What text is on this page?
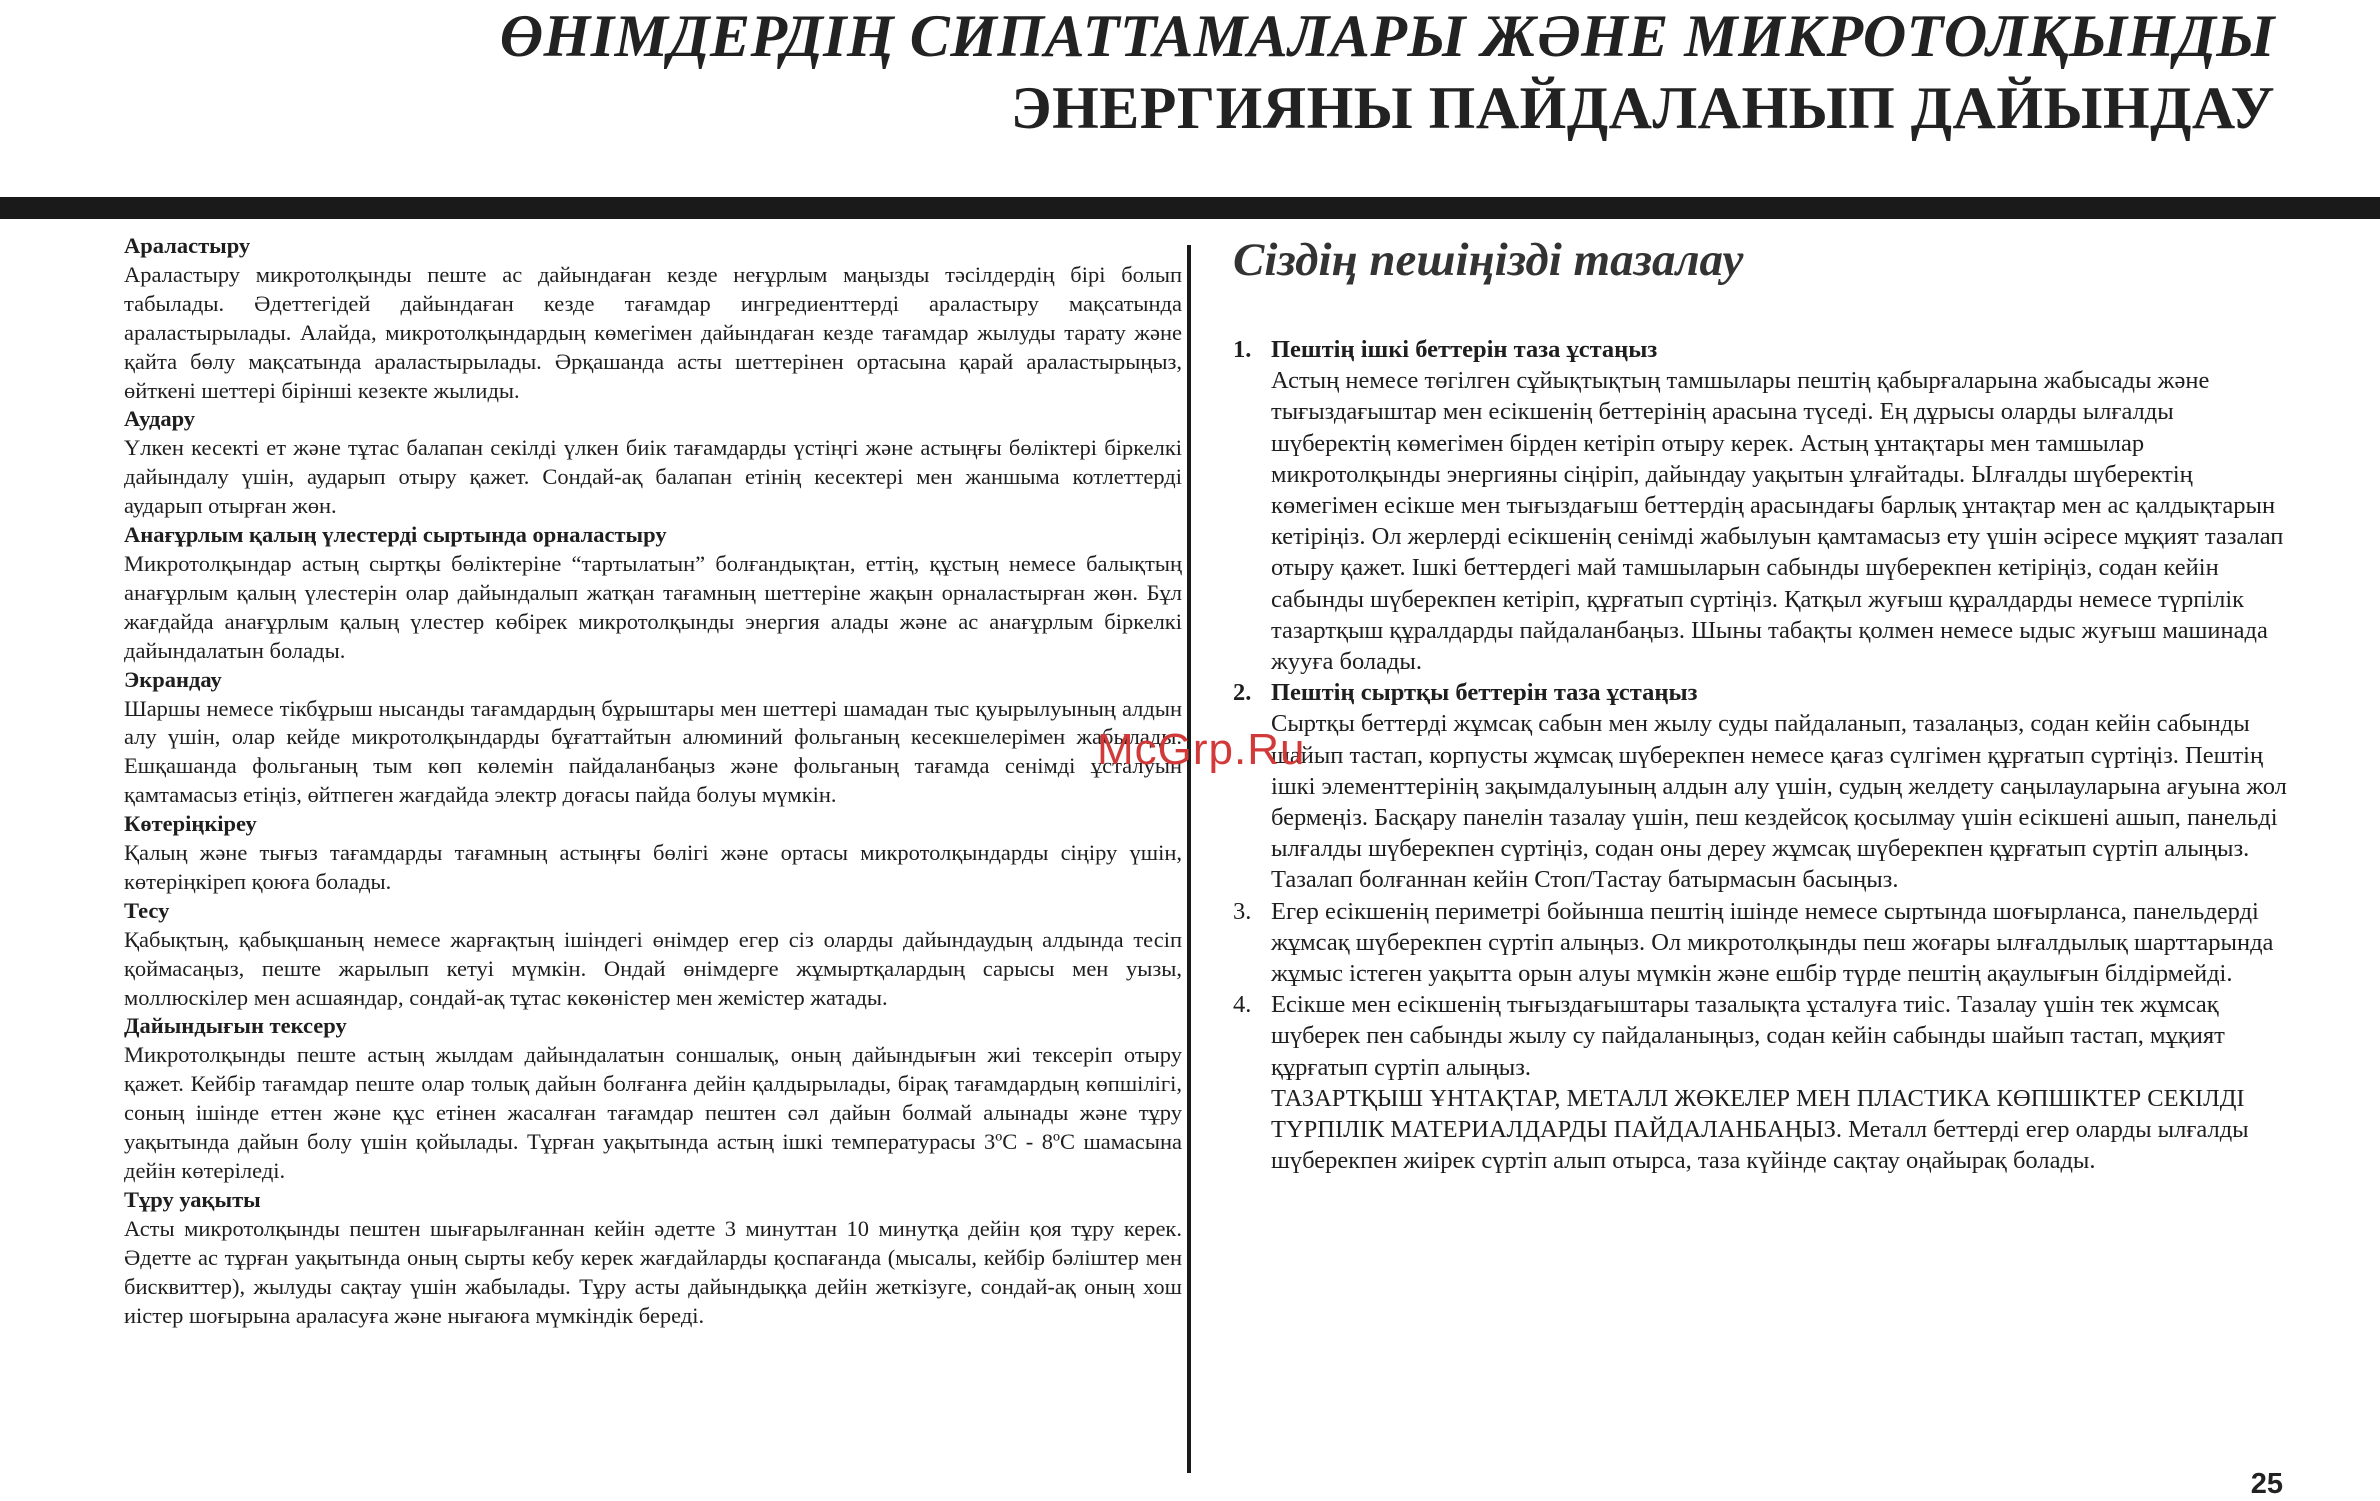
ӨНІМДЕРДІҢ СИПАТТАМАЛАРЫ ЖӘНЕ МИКРОТОЛҚЫНДЫ
ЭНЕРГИЯНЫ ПАЙДАЛАНЫП ДАЙЫНДАУ
Араластыру

Араластыру микротолқынды пеште ас дайындаған кезде неғұрлым маңызды тәсілдердің бірі болып табылады. Әдеттегідей дайындаған кезде тағамдар ингредиенттерді араластыру мақсатында араластырылады. Алайда, микротолқындардың көмегімен дайындаған кезде тағамдар жылуды тарату және қайта бөлу мақсатында араластырылады. Әрқашанда асты шеттерінен ортасына қарай араластырыңыз, өйткені шеттері бірінші кезекте жылиды.

Аудару

Үлкен кесекті ет және тұтас балапан секілді үлкен биік тағамдарды үстіңгі және астыңғы бөліктері біркелкі дайындалу үшін, аударып отыру қажет. Сондай-ақ балапан етінің кесектері мен жаншыма котлеттерді аударып отырған жөн.

Анағұрлым қалың үлестерді сыртында орналастыру

Микротолқындар астың сыртқы бөліктеріне “тартылатын” болғандықтан, еттің, құстың немесе балықтың анағұрлым қалың үлестерін олар дайындалып жатқан тағамның шеттеріне жақын орналастырған жөн. Бұл жағдайда анағұрлым қалың үлестер көбірек микротолқынды энергия алады және ас анағұрлым біркелкі дайындалатын болады.

Экрандау

Шаршы немесе тікбұрыш нысанды тағамдардың бұрыштары мен шеттері шамадан тыс қуырылуының алдын алу үшін, олар кейде микротолқындарды бұғаттайтын алюминий фольганың кесекшелерімен жабылады. Ешқашанда фольганың тым көп көлемін пайдаланбаңыз және фольганың тағамда сенімді ұсталуын қамтамасыз етіңіз, өйтпеген жағдайда электр доғасы пайда болуы мүмкін.

Көтерiңкiреу

Қалың және тығыз тағамдарды тағамның астыңғы бөлігі және ортасы микротолқындарды сіңіру үшін, көтеріңкіреп қоюға болады.

Тесу

Қабықтың, қабықшаның немесе жарғақтың ішіндегі өнімдер егер сіз оларды дайындаудың алдында тесіп қоймасаңыз, пеште жарылып кетуі мүмкін. Ондай өнімдерге жұмыртқалардың сарысы мен уызы, моллюскілер мен асшаяндар, сондай-ақ тұтас көкөністер мен жемістер жатады.

Дайындығын тексеру

Микротолқынды пеште астың жылдам дайындалатын соншалық, оның дайындығын жиі тексеріп отыру қажет. Кейбір тағамдар пеште олар толық дайын болғанға дейін қалдырылады, бірақ тағамдардың көпшілігі, соның ішінде еттен және құс етінен жасалған тағамдар пештен сәл дайын болмай алынады және тұру уақытында дайын болу үшін қойылады. Тұрған уақытында астың ішкі температурасы 3ºC - 8ºC шамасына дейін көтеріледі.

Тұру уақыты

Асты микротолқынды пештен шығарылғаннан кейін әдетте 3 минуттан 10 минутқа дейін қоя тұру керек. Әдетте ас тұрған уақытында оның сырты кебу керек жағдайларды қоспағанда (мысалы, кейбір бәліштер мен бисквиттер), жылуды сақтау үшін жабылады. Тұру асты дайындыққа дейін жеткізуге, сондай-ақ оның хош иістер шоғырына араласуға және нығаюға мүмкіндік береді.

Сіздің пешіңізді тазалау
1. Пештің ішкі беттерін таза ұстаңыз

Астың немесе төгілген сұйықтықтың тамшылары пештің қабырғаларына жабысады және тығыздағыштар мен есікшенің беттерінің арасына түседі. Ең дұрысы оларды ылғалды шүберектің көмегімен бірден кетіріп отыру керек. Астың ұнтақтары мен тамшылар микротолқынды энергияны сіңіріп, дайындау уақытын ұлғайтады. Ылғалды шүберектің көмегімен есікше мен тығыздағыш беттердің арасындағы барлық ұнтақтар мен ас қалдықтарын кетіріңіз. Ол жерлерді есікшенің сенімді жабылуын қамтамасыз ету үшін әсіресе мұқият тазалап отыру қажет. Ішкі беттердегі май тамшыларын сабынды шүберекпен кетіріңіз, содан кейін сабынды шүберекпен кетіріп, құрғатып сүртіңіз. Қатқыл жуғыш құралдарды немесе түрпілік тазартқыш құралдарды пайдаланбаңыз. Шыны табақты қолмен немесе ыдыс жуғыш машинада жууға болады.

2. Пештің сыртқы беттерін таза ұстаңыз

Сыртқы беттерді жұмсақ сабын мен жылу суды пайдаланып, тазалаңыз, содан кейін сабынды шайып тастап, корпусты жұмсақ шүберекпен немесе қағаз сүлгімен құрғатып сүртіңіз. Пештің ішкі элементтерінің зақымдалуының алдын алу үшін, судың желдету саңылауларына ағуына жол бермеңіз. Басқару панелін тазалау үшін, пеш кездейсоқ қосылмау үшін есікшені ашып, панельді ылғалды шүберекпен сүртіңіз, содан оны дереу жұмсақ шүберекпен құрғатып сүртіп алыңыз. Тазалап болғаннан кейін Стоп/Тастау батырмасын басыңыз.

3. Егер есікшенің периметрі бойынша пештің ішінде немесе сыртында шоғырланса, панельдерді жұмсақ шүберекпен сүртіп алыңыз. Ол микротолқынды пеш жоғары ылғалдылық шарттарында жұмыс істеген уақытта орын алуы мүмкін және ешбір түрде пештің ақаулығын білдірмейді.

4. Есікше мен есікшенің тығыздағыштары тазалықта ұсталуға тиіс. Тазалау үшін тек жұмсақ шүберек пен сабынды жылу су пайдаланыңыз, содан кейін сабынды шайып тастап, мұқият құрғатып сүртіп алыңыз.

ТАЗАРТҚЫШ ҰНТАҚТАР, МЕТАЛЛ ЖӨКЕЛЕР МЕН ПЛАСТИКА КӨПШІКТЕР СЕКІЛДІ ТҮРПІЛІК МАТЕРИАЛДАРДЫ ПАЙДАЛАНБАҢЫЗ. Металл беттерді егер оларды ылғалды шүберекпен жиірек сүртіп алып отырса, таза күйінде сақтау оңайырақ болады.

McGrp.Ru
25
